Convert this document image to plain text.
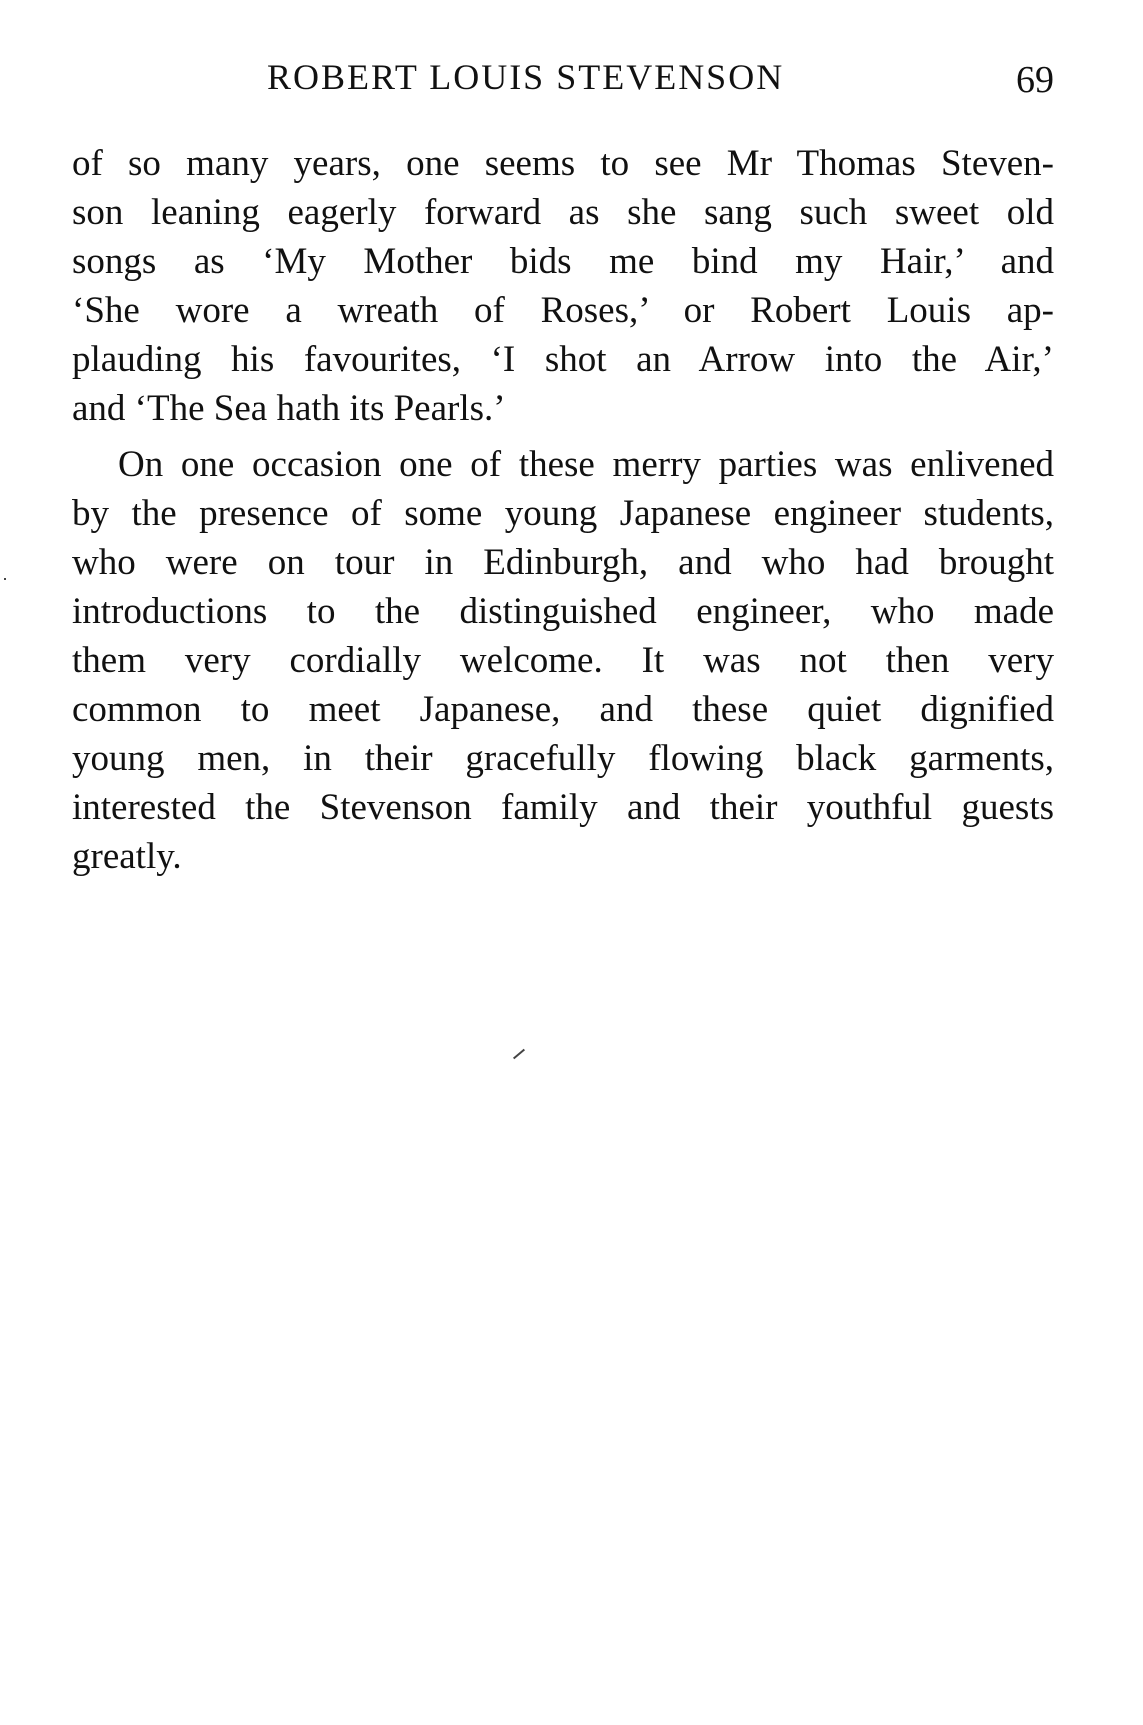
ROBERT LOUIS STEVENSON	69
of so many years, one seems to see Mr Thomas Steven-
son leaning eagerly forward as she sang such sweet old
songs as ‘My Mother bids me bind my Hair,’ and
‘She wore a wreath of Roses,’ or Robert Louis ap-
plauding his favourites, ‘I shot an Arrow into the Air,’
and ‘The Sea hath its Pearls.’
On one occasion one of these merry parties was enlivened
by the presence of some young Japanese engineer students,
who were on tour in Edinburgh, and who had brought
introductions to the distinguished engineer, who made
them very cordially welcome. It was not then very
common to meet Japanese, and these quiet dignified
young men, in their gracefully flowing black garments,
interested the Stevenson family and their youthful guests
greatly.
